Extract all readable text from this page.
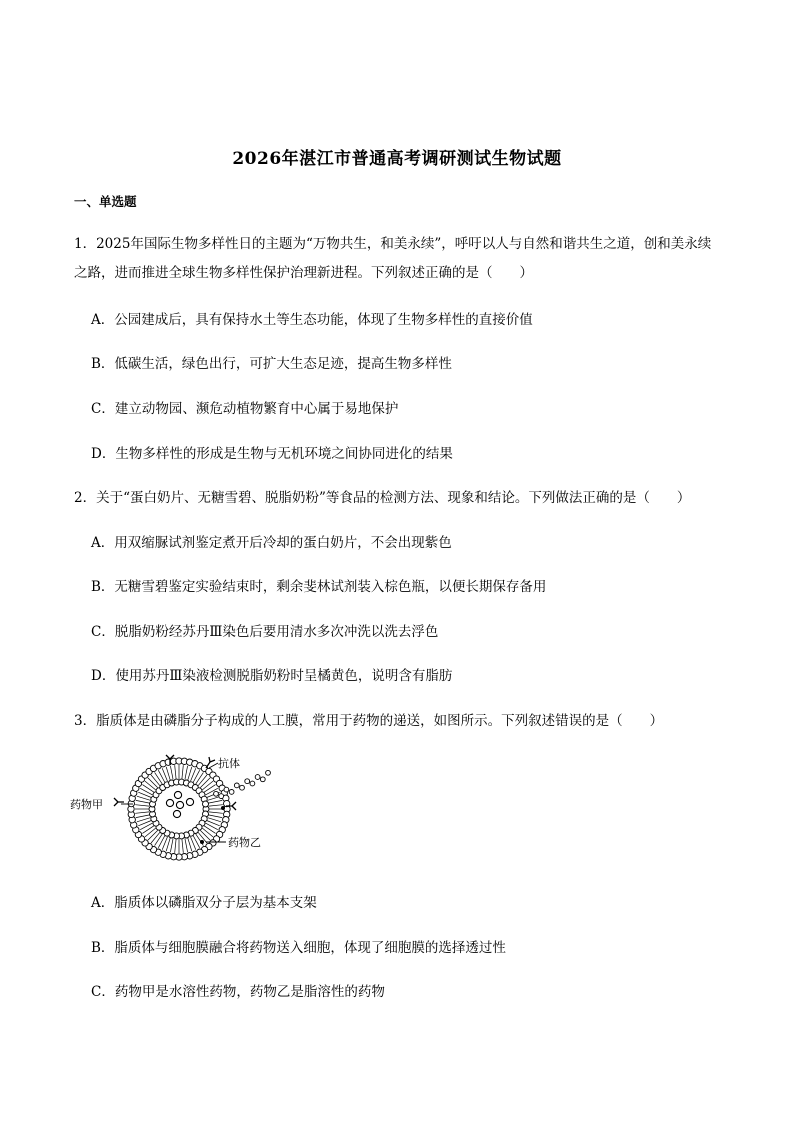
2026年湛江市普通高考调研测试生物试题
一、单选题
1．2025年国际生物多样性日的主题为“万物共生，和美永续”，呼吁以人与自然和谐共生之道，创和美永续
之路，进而推进全球生物多样性保护治理新进程。下列叙述正确的是（　　）
A．公园建成后，具有保持水土等生态功能，体现了生物多样性的直接价值
B．低碳生活，绿色出行，可扩大生态足迹，提高生物多样性
C．建立动物园、濒危动植物繁育中心属于易地保护
D．生物多样性的形成是生物与无机环境之间协同进化的结果
2．关于“蛋白奶片、无糖雪碧、脱脂奶粉”等食品的检测方法、现象和结论。下列做法正确的是（　　）
A．用双缩脲试剂鉴定煮开后冷却的蛋白奶片，不会出现紫色
B．无糖雪碧鉴定实验结束时，剩余斐林试剂装入棕色瓶，以便长期保存备用
C．脱脂奶粉经苏丹Ⅲ染色后要用清水多次冲洗以洗去浮色
D．使用苏丹Ⅲ染液检测脱脂奶粉时呈橘黄色，说明含有脂肪
3．脂质体是由磷脂分子构成的人工膜，常用于药物的递送，如图所示。下列叙述错误的是（　　）
抗体
药物甲
药物乙
A．脂质体以磷脂双分子层为基本支架
B．脂质体与细胞膜融合将药物送入细胞，体现了细胞膜的选择透过性
C．药物甲是水溶性药物，药物乙是脂溶性的药物
